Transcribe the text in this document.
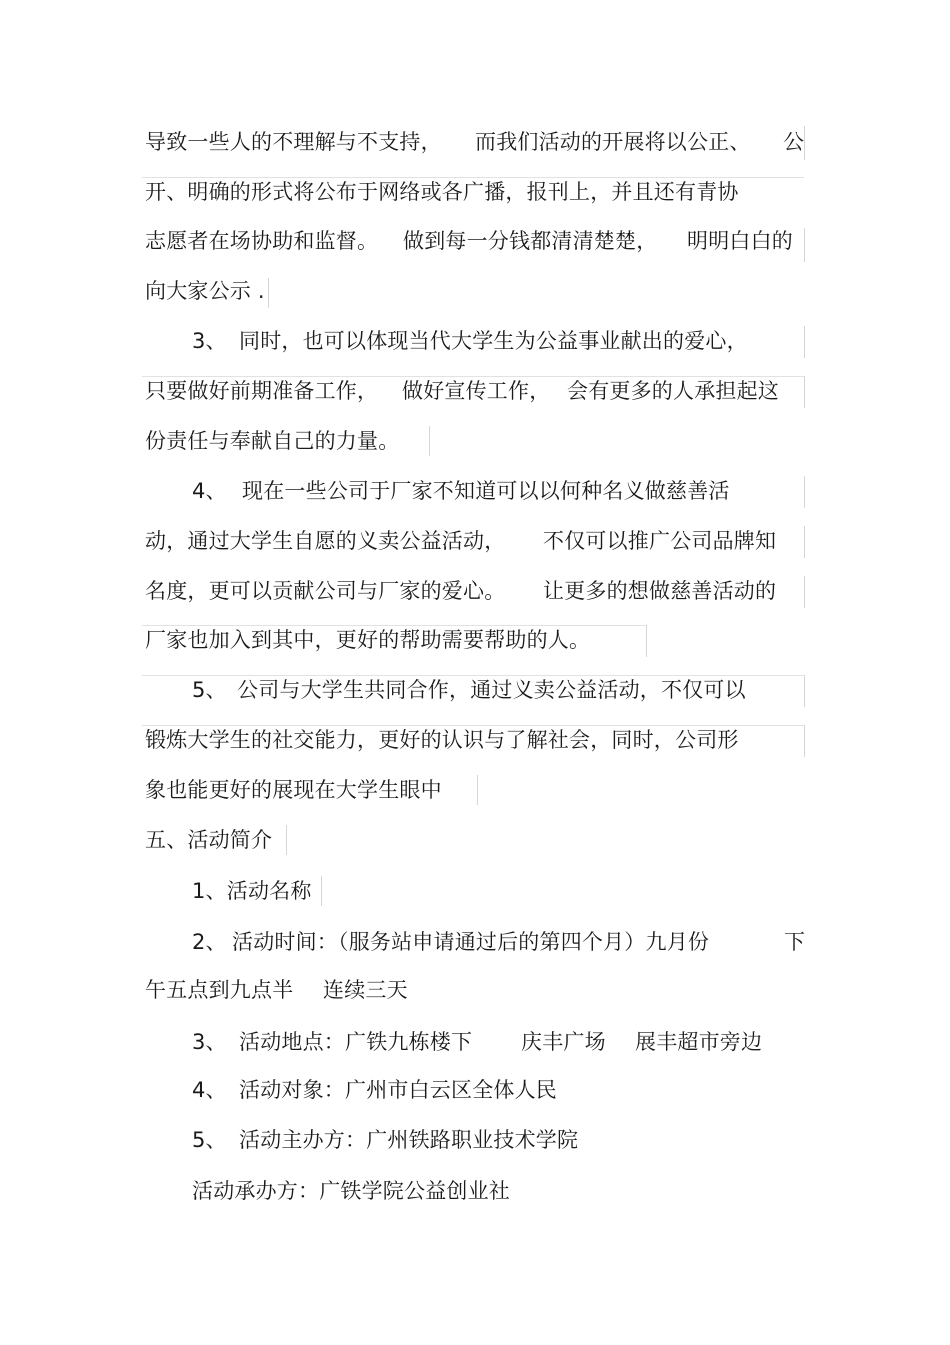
导致一些人的不理解与不支持，

而我们活动的开展将以公正、

公

开、明确的形式将公布于网络或各广播，报刊上，并且还有青协

志愿者在场协助和监督。

做到每一分钱都清清楚楚，

明明白白的

向大家公示 .

3、

同时，也可以体现当代大学生为公益事业献出的爱心，

只要做好前期准备工作，

做好宣传工作，

会有更多的人承担起这

份责任与奉献自己的力量。

4、

现在一些公司于厂家不知道可以以何种名义做慈善活

动，通过大学生自愿的义卖公益活动，

不仅可以推广公司品牌知

名度，更可以贡献公司与厂家的爱心。

让更多的想做慈善活动的

厂家也加入到其中，更好的帮助需要帮助的人。

5、

公司与大学生共同合作，通过义卖公益活动，不仅可以

锻炼大学生的社交能力，更好的认识与了解社会，同时，公司形
象也能更好的展现在大学生眼中
五、活动简介
1、活动名称

2、

活动时间：（服务站申请通过后的第四个月）九月份

	下

午五点到九点半

连续三天

3、

活动地点：广铁九栋楼下

庆丰广场

展丰超市旁边

4、

活动对象：广州市白云区全体人民

5、

活动主办方：广州铁路职业技术学院

活动承办方：广铁学院公益创业社
